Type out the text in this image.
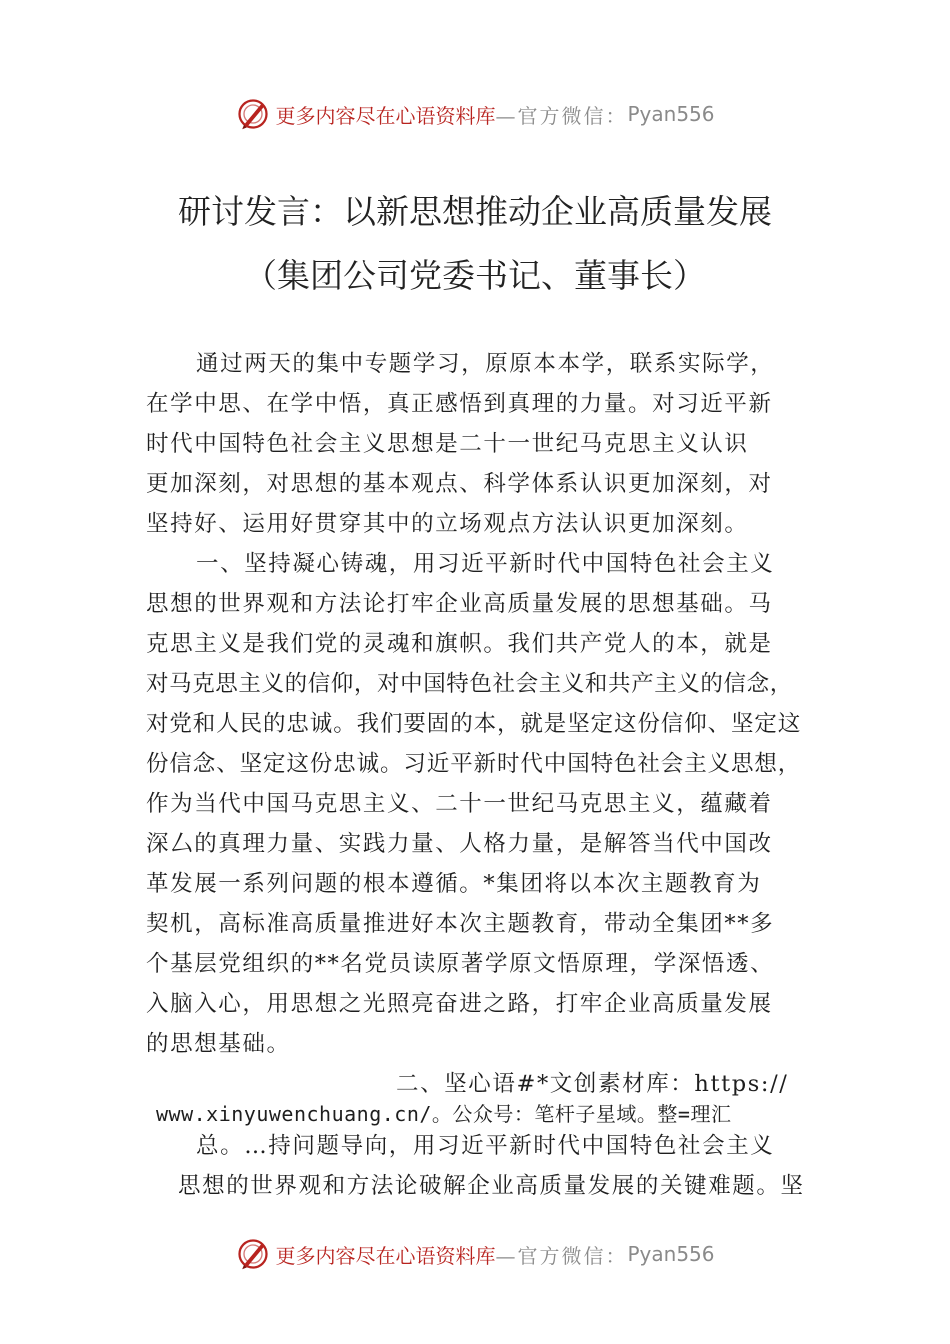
更多内容尽在心语资料库 —官方微信： Pyan556
研讨发言：以新思想推动企业高质量发展
（集团公司党委书记、董事长）
通过两天的集中专题学习，原原本本学，联系实际学，
在学中思、在学中悟，真正感悟到真理的力量。对习近平新
时代中国特色社会主义思想是二十一世纪马克思主义认识
更加深刻，对思想的基本观点、科学体系认识更加深刻，对
坚持好、运用好贯穿其中的立场观点方法认识更加深刻。
一、坚持凝心铸魂，用习近平新时代中国特色社会主义
思想的世界观和方法论打牢企业高质量发展的思想基础。马
克思主义是我们党的灵魂和旗帜。我们共产党人的本，就是
对马克思主义的信仰，对中国特色社会主义和共产主义的信念，
对党和人民的忠诚。我们要固的本，就是坚定这份信仰、坚定这
份信念、坚定这份忠诚。习近平新时代中国特色社会主义思想，
作为当代中国马克思主义、二十一世纪马克思主义，蕴藏着
深厶的真理力量、实践力量、人格力量，是解答当代中国改
革发展一系列问题的根本遵循。*集团将以本次主题教育为
契机，高标准高质量推进好本次主题教育，带动全集团**多
个基层党组织的**名党员读原著学原文悟原理，学深悟透、
入脑入心，用思想之光照亮奋进之路，打牢企业高质量发展
的思想基础。
二、坚心语#*文创素材库：https://
www.xinyuwenchuang.cn/。公众号：笔杆子星域。整=理汇
总。…持问题导向，用习近平新时代中国特色社会主义
思想的世界观和方法论破解企业高质量发展的关键难题。坚
更多内容尽在心语资料库 —官方微信： Pyan556
